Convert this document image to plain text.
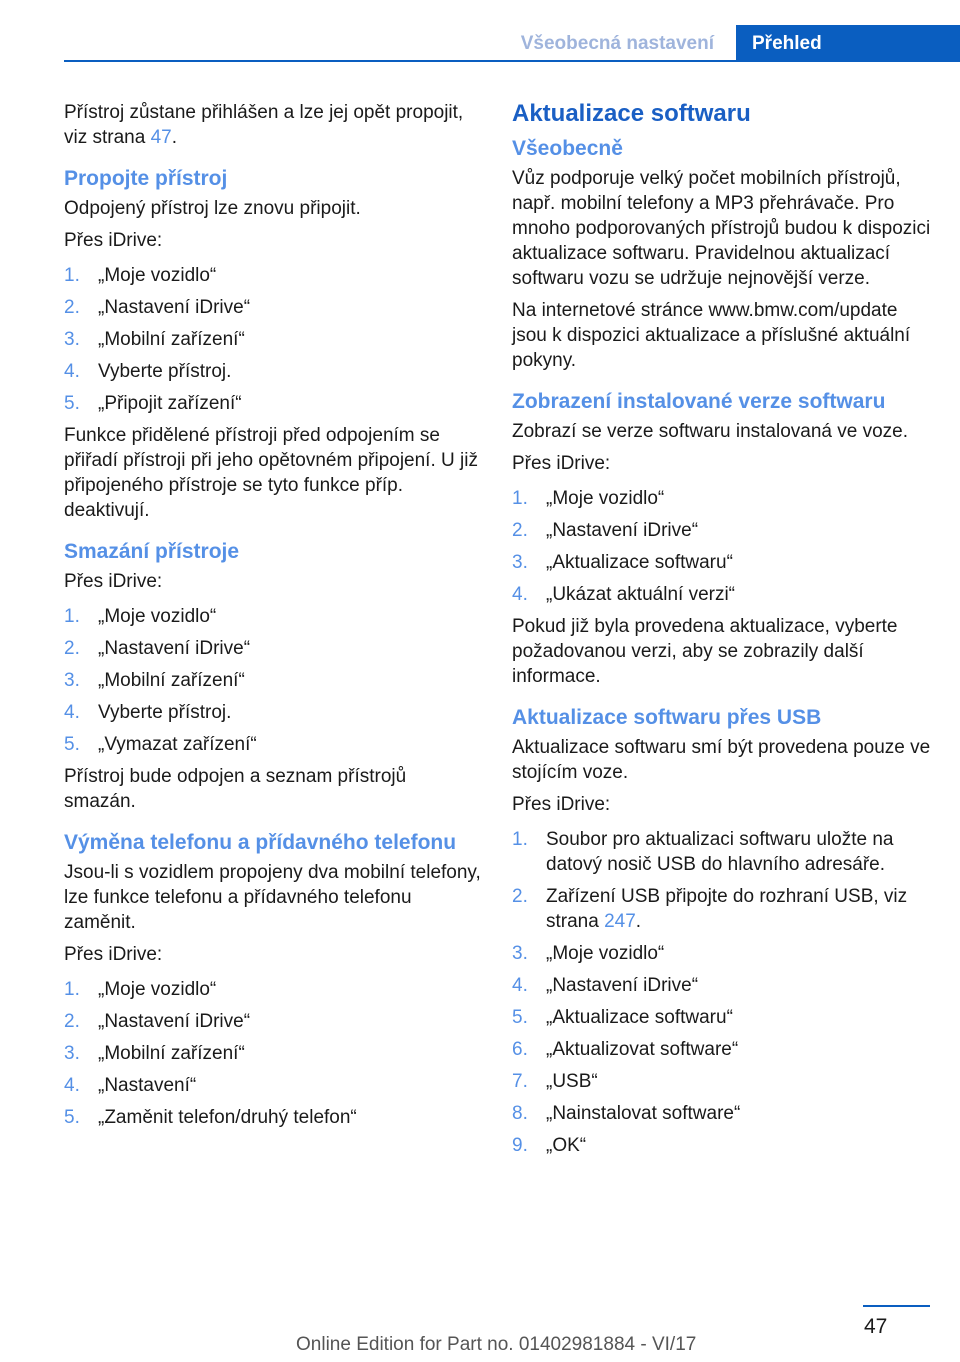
Všeobecná nastavení	Přehled

Přístroj zůstane přihlášen a lze jej opět propojit, viz strana 47.

Propojte přístroj

Odpojený přístroj lze znovu připojit.

Přes iDrive:

1. „Moje vozidlo“
2. „Nastavení iDrive“
3. „Mobilní zařízení“
4. Vyberte přístroj.
5. „Připojit zařízení“

Funkce přidělené přístroji před odpojením se přiřadí přístroji při jeho opětovném připojení. U již připojeného přístroje se tyto funkce příp. deaktivují.

Smazání přístroje

Přes iDrive:

1. „Moje vozidlo“
2. „Nastavení iDrive“
3. „Mobilní zařízení“
4. Vyberte přístroj.
5. „Vymazat zařízení“

Přístroj bude odpojen a seznam přístrojů smazán.

Výměna telefonu a přídavného telefonu

Jsou-li s vozidlem propojeny dva mobilní telefony, lze funkce telefonu a přídavného telefonu zaměnit.

Přes iDrive:

1. „Moje vozidlo“
2. „Nastavení iDrive“
3. „Mobilní zařízení“
4. „Nastavení“
5. „Zaměnit telefon/druhý telefon“
Aktualizace softwaru
Všeobecně

Vůz podporuje velký počet mobilních přístrojů, např. mobilní telefony a MP3 přehrávače. Pro mnoho podporovaných přístrojů budou k dispozici aktualizace softwaru. Pravidelnou aktualizací softwaru vozu se udržuje nejnovější verze.

Na internetové stránce www.bmw.com/update jsou k dispozici aktualizace a příslušné aktuální pokyny.

Zobrazení instalované verze softwaru

Zobrazí se verze softwaru instalovaná ve voze.

Přes iDrive:

1. „Moje vozidlo“
2. „Nastavení iDrive“
3. „Aktualizace softwaru“
4. „Ukázat aktuální verzi“

Pokud již byla provedena aktualizace, vyberte požadovanou verzi, aby se zobrazily další informace.

Aktualizace softwaru přes USB

Aktualizace softwaru smí být provedena pouze ve stojícím voze.

Přes iDrive:

1. Soubor pro aktualizaci softwaru uložte na datový nosič USB do hlavního adresáře.
2. Zařízení USB připojte do rozhraní USB, viz strana 247.
3. „Moje vozidlo“
4. „Nastavení iDrive“
5. „Aktualizace softwaru“
6. „Aktualizovat software“
7. „USB“
8. „Nainstalovat software“
9. „OK“
47
Online Edition for Part no. 01402981884 - VI/17
